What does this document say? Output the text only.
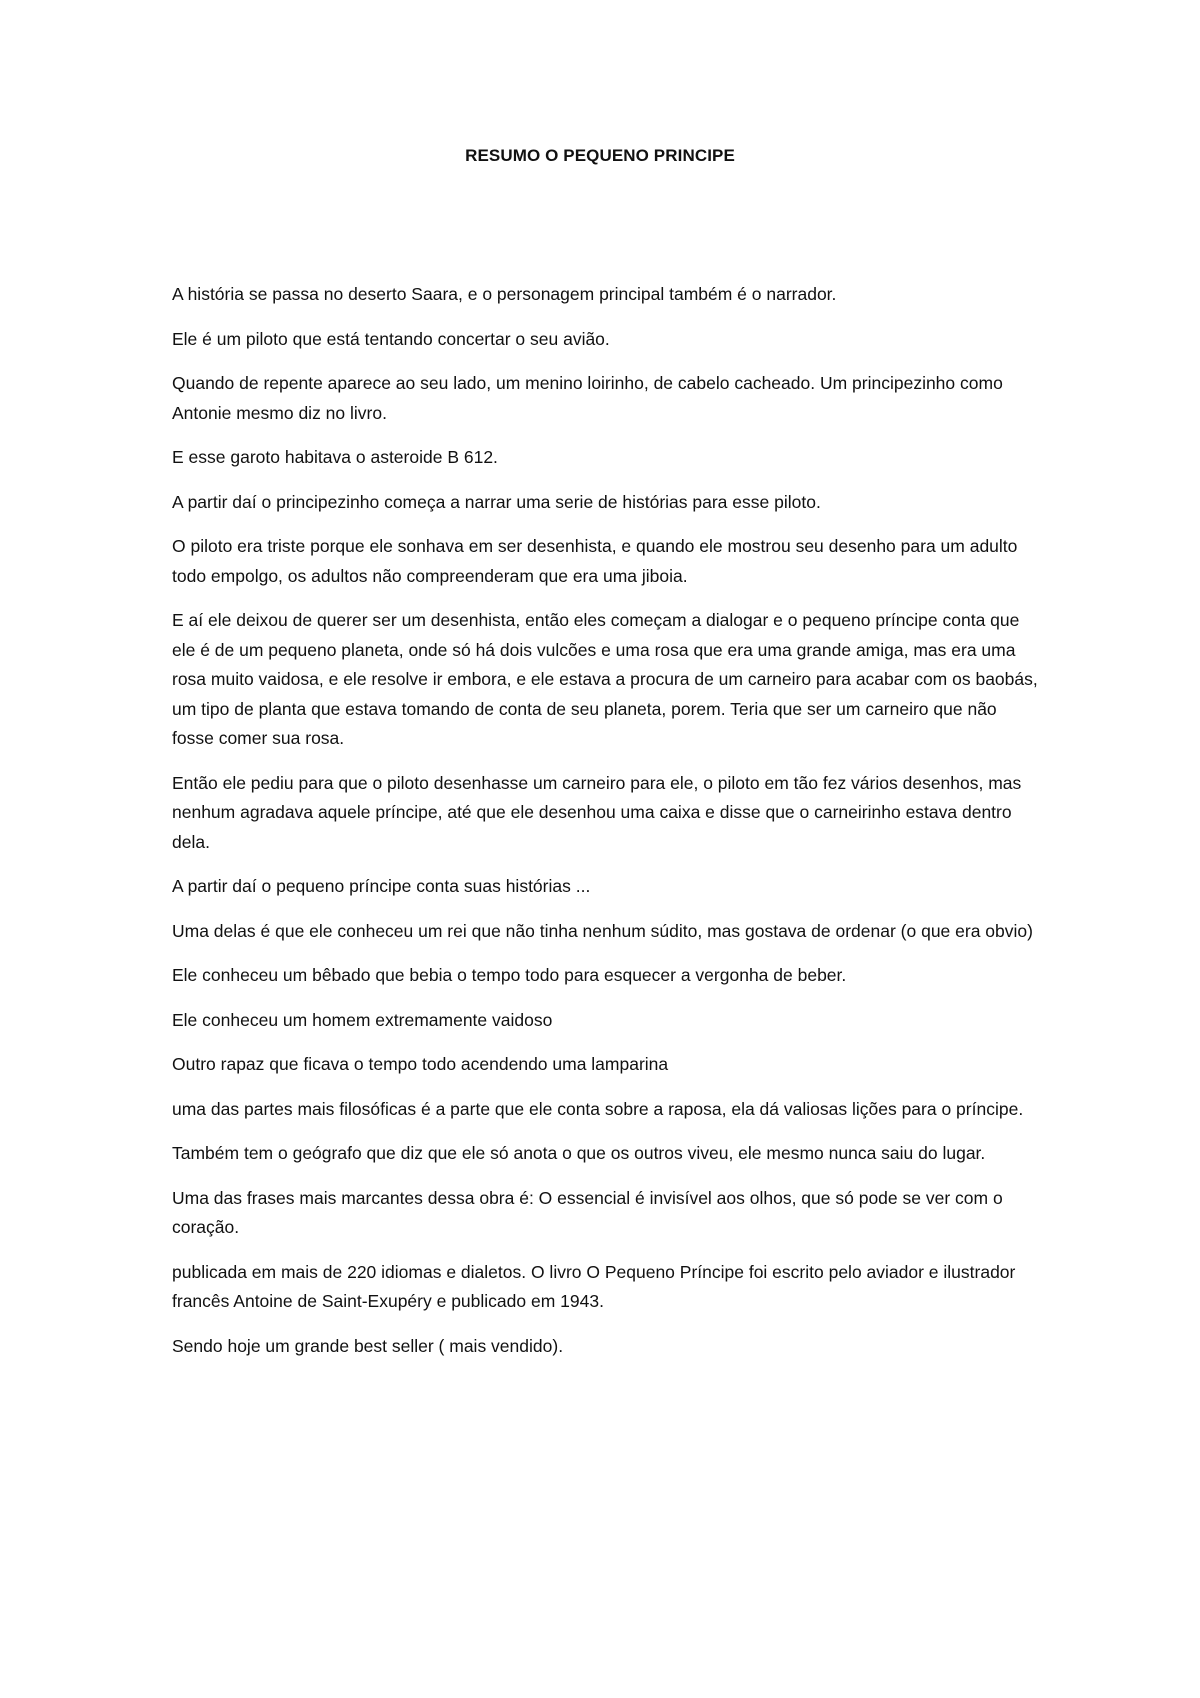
RESUMO O PEQUENO PRINCIPE

A história se passa no deserto Saara, e o personagem principal também é o narrador.

Ele é um piloto que está tentando concertar o seu avião.

Quando de repente aparece ao seu lado, um menino loirinho, de cabelo cacheado. Um principezinho como Antonie mesmo diz no livro.

E esse garoto habitava o asteroide B 612.

A partir daí o principezinho começa a narrar uma serie de histórias para esse piloto.

O piloto era triste porque ele sonhava em ser desenhista, e quando ele mostrou seu desenho para um adulto todo empolgo, os adultos não compreenderam que era uma jiboia.

E aí ele deixou de querer ser um desenhista, então eles começam a dialogar e o pequeno príncipe conta que ele é de um pequeno planeta, onde só há dois vulcões e uma rosa que era uma grande amiga, mas era uma rosa muito vaidosa, e ele resolve ir embora, e ele estava a procura de um carneiro para acabar com os baobás, um tipo de planta que estava tomando de conta de seu planeta, porem. Teria que ser um carneiro que não fosse comer sua rosa.

Então ele pediu para que o piloto desenhasse um carneiro para ele, o piloto em tão fez vários desenhos, mas nenhum agradava aquele príncipe, até que ele desenhou uma caixa e disse que o carneirinho estava dentro dela.

A partir daí o pequeno príncipe conta suas histórias ...

Uma delas é que ele conheceu um rei que não tinha nenhum súdito, mas gostava de ordenar (o que era obvio)

Ele conheceu um bêbado que bebia o tempo todo para esquecer a vergonha de beber.

Ele conheceu um homem extremamente vaidoso

Outro rapaz que ficava o tempo todo acendendo uma lamparina

uma das partes mais filosóficas é a parte que ele conta sobre a raposa, ela dá valiosas lições para o príncipe.

Também tem o geógrafo que diz que ele só anota o que os outros viveu, ele mesmo nunca saiu do lugar.

Uma das frases mais marcantes dessa obra é: O essencial é invisível aos olhos, que só pode se ver com o coração.

publicada em mais de 220 idiomas e dialetos. O livro O Pequeno Príncipe foi escrito pelo aviador e ilustrador francês Antoine de Saint-Exupéry e publicado em 1943.

Sendo hoje um grande best seller ( mais vendido).
